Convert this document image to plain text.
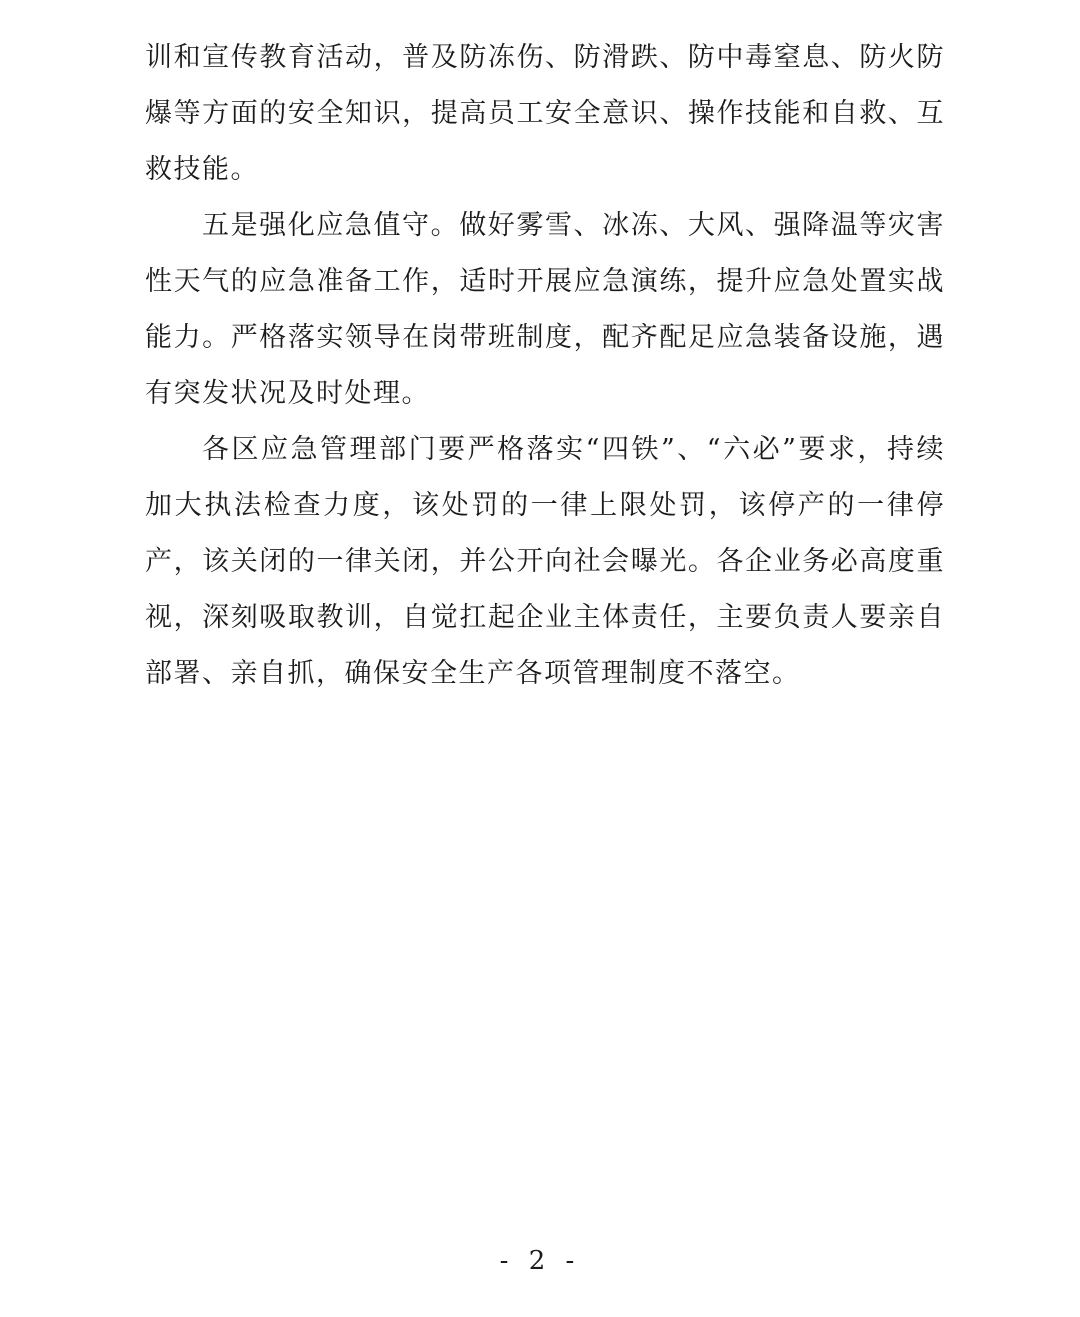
训和宣传教育活动，普及防冻伤、防滑跌、防中毒窒息、防火防爆等方面的安全知识，提高员工安全意识、操作技能和自救、互救技能。

五是强化应急值守。做好雾雪、冰冻、大风、强降温等灾害性天气的应急准备工作，适时开展应急演练，提升应急处置实战能力。严格落实领导在岗带班制度，配齐配足应急装备设施，遇有突发状况及时处理。

各区应急管理部门要严格落实“四铁”、“六必”要求，持续加大执法检查力度，该处罚的一律上限处罚，该停产的一律停产，该关闭的一律关闭，并公开向社会曝光。各企业务必高度重视，深刻吸取教训，自觉扛起企业主体责任，主要负责人要亲自部署、亲自抓，确保安全生产各项管理制度不落空。

- 2 -
